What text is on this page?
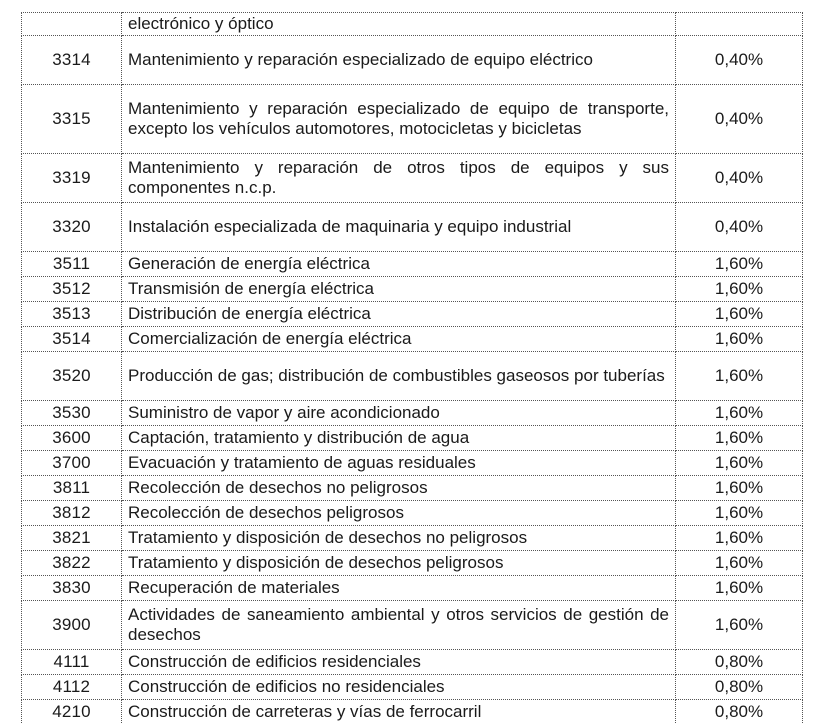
	electrónico y óptico	
3314	Mantenimiento y reparación especializado de equipo eléctrico	0,40%
3315	Mantenimiento y reparación especializado de equipo de transporte, excepto los vehículos automotores, motocicletas y bicicletas	0,40%
3319	Mantenimiento y reparación de otros tipos de equipos y sus componentes n.c.p.	0,40%
3320	Instalación especializada de maquinaria y equipo industrial	0,40%
3511	Generación de energía eléctrica	1,60%
3512	Transmisión de energía eléctrica	1,60%
3513	Distribución de energía eléctrica	1,60%
3514	Comercialización de energía eléctrica	1,60%
3520	Producción de gas; distribución de combustibles gaseosos por tuberías	1,60%
3530	Suministro de vapor y aire acondicionado	1,60%
3600	Captación, tratamiento y distribución de agua	1,60%
3700	Evacuación y tratamiento de aguas residuales	1,60%
3811	Recolección de desechos no peligrosos	1,60%
3812	Recolección de desechos peligrosos	1,60%
3821	Tratamiento y disposición de desechos no peligrosos	1,60%
3822	Tratamiento y disposición de desechos peligrosos	1,60%
3830	Recuperación de materiales	1,60%
3900	Actividades de saneamiento ambiental y otros servicios de gestión de desechos	1,60%
4111	Construcción de edificios residenciales	0,80%
4112	Construcción de edificios no residenciales	0,80%
4210	Construcción de carreteras y vías de ferrocarril	0,80%
